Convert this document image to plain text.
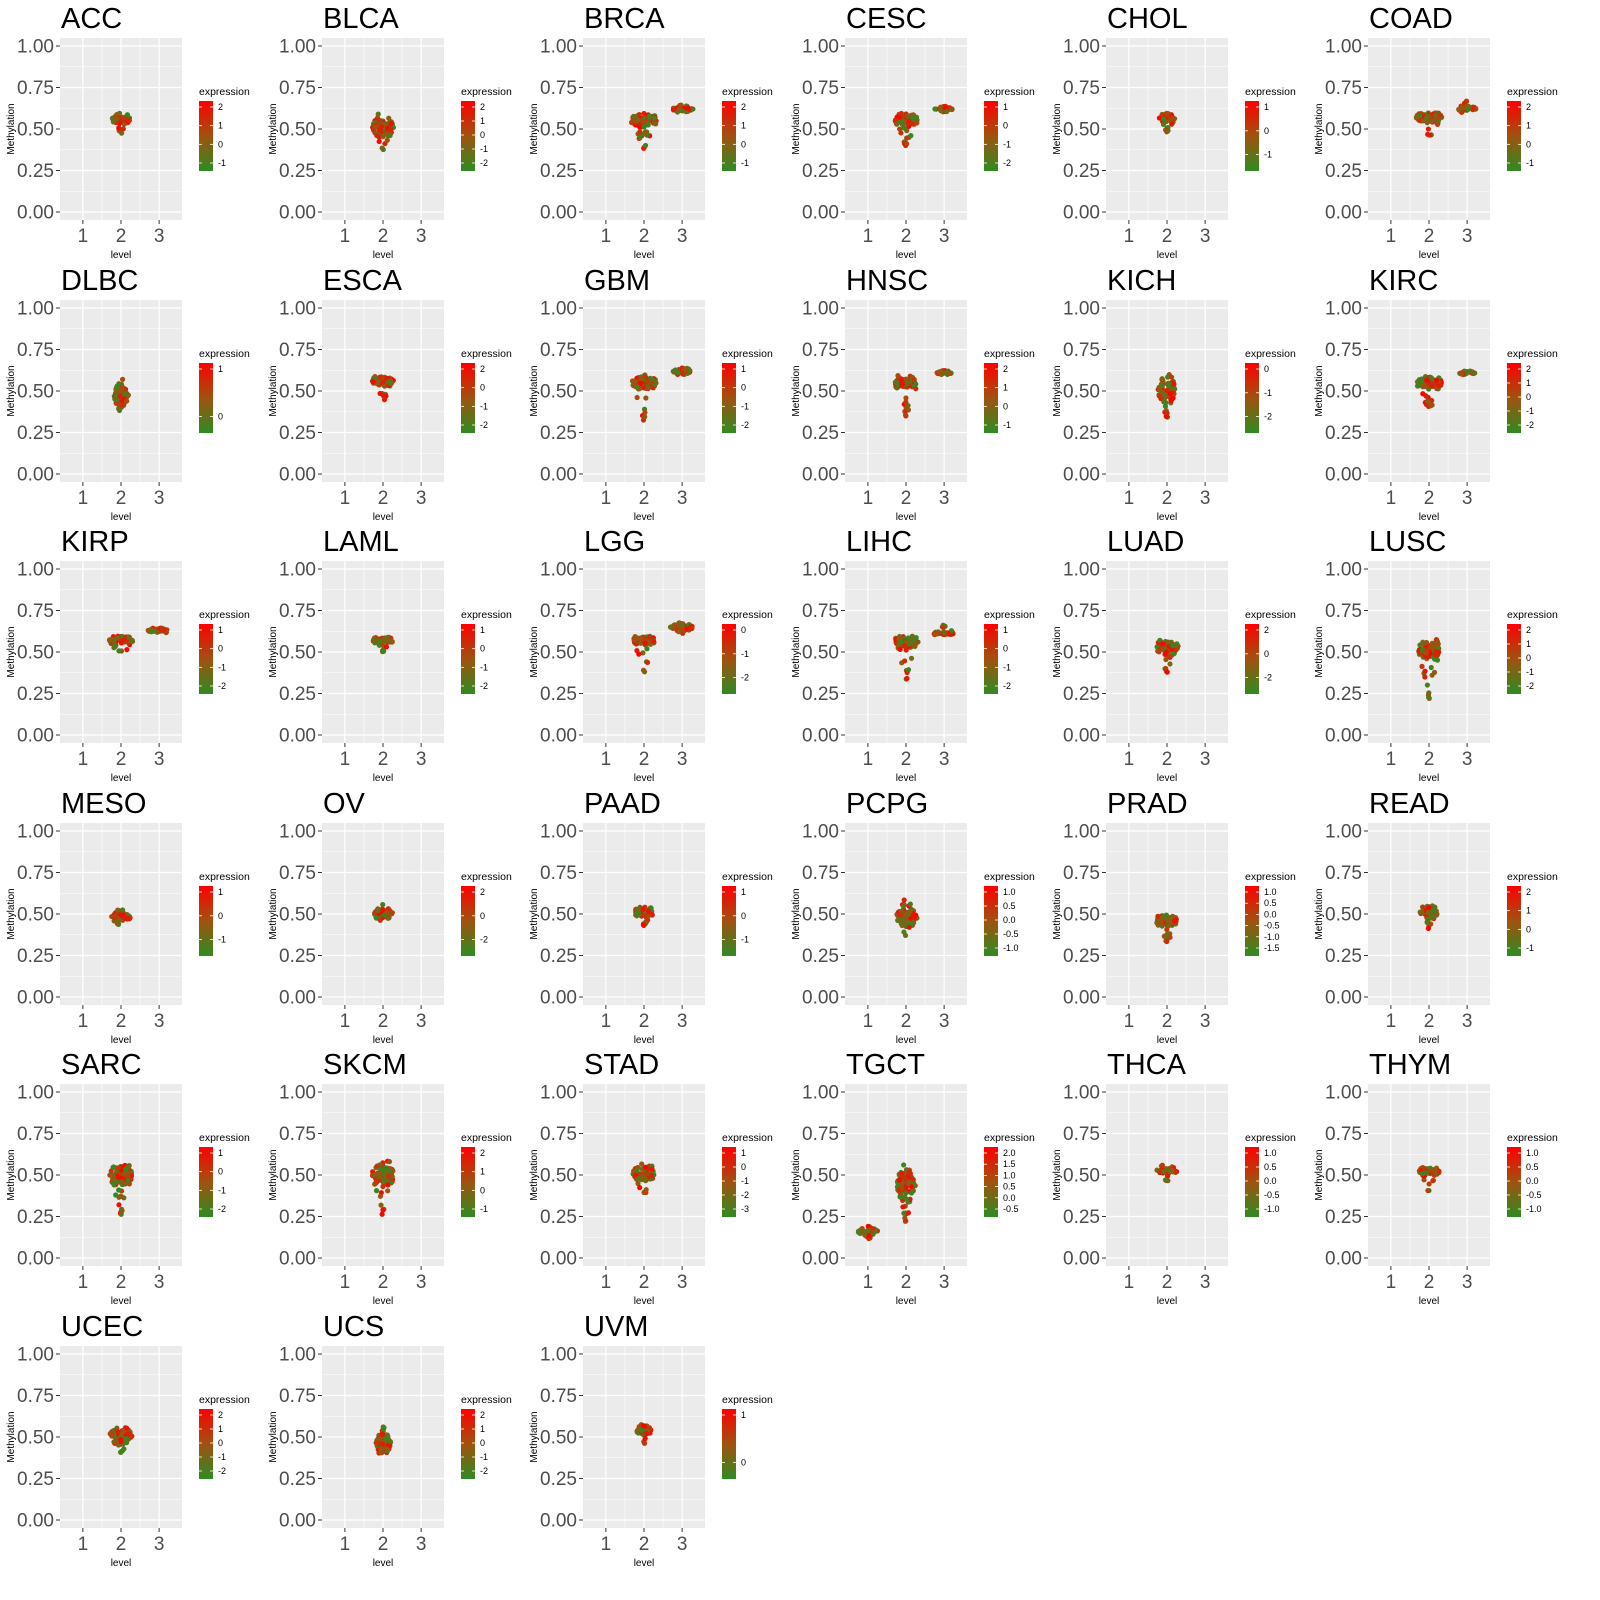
ACC
0.00
0.25
0.50
0.75
1.00
1 2 3
level
Methylation
expression
2
1
0
-1
BLCA
0.00
0.25
0.50
0.75
1.00
1 2 3
level
Methylation
expression
2
1
0
-1
-2
BRCA
0.00
0.25
0.50
0.75
1.00
1 2 3
level
Methylation
expression
2
1
0
-1
CESC
0.00
0.25
0.50
0.75
1.00
1 2 3
level
Methylation
expression
1
0
-1
-2
CHOL
0.00
0.25
0.50
0.75
1.00
1 2 3
level
Methylation
expression
1
0
-1
COAD
0.00
0.25
0.50
0.75
1.00
1 2 3
level
Methylation
expression
2
1
0
-1
DLBC
0.00
0.25
0.50
0.75
1.00
1 2 3
level
Methylation
expression
1
0
ESCA
0.00
0.25
0.50
0.75
1.00
1 2 3
level
Methylation
expression
2
0
-1
-2
GBM
0.00
0.25
0.50
0.75
1.00
1 2 3
level
Methylation
expression
1
0
-1
-2
HNSC
0.00
0.25
0.50
0.75
1.00
1 2 3
level
Methylation
expression
2
1
0
-1
KICH
0.00
0.25
0.50
0.75
1.00
1 2 3
level
Methylation
expression
0
-1
-2
KIRC
0.00
0.25
0.50
0.75
1.00
1 2 3
level
Methylation
expression
2
1
0
-1
-2
KIRP
0.00
0.25
0.50
0.75
1.00
1 2 3
level
Methylation
expression
1
0
-1
-2
LAML
0.00
0.25
0.50
0.75
1.00
1 2 3
level
Methylation
expression
1
0
-1
-2
LGG
0.00
0.25
0.50
0.75
1.00
1 2 3
level
Methylation
expression
0
-1
-2
LIHC
0.00
0.25
0.50
0.75
1.00
1 2 3
level
Methylation
expression
1
0
-1
-2
LUAD
0.00
0.25
0.50
0.75
1.00
1 2 3
level
Methylation
expression
2
0
-2
LUSC
0.00
0.25
0.50
0.75
1.00
1 2 3
level
Methylation
expression
2
1
0
-1
-2
MESO
0.00
0.25
0.50
0.75
1.00
1 2 3
level
Methylation
expression
1
0
-1
OV
0.00
0.25
0.50
0.75
1.00
1 2 3
level
Methylation
expression
2
0
-2
PAAD
0.00
0.25
0.50
0.75
1.00
1 2 3
level
Methylation
expression
1
0
-1
PCPG
0.00
0.25
0.50
0.75
1.00
1 2 3
level
Methylation
expression
1.0
0.5
0.0
-0.5
-1.0
PRAD
0.00
0.25
0.50
0.75
1.00
1 2 3
level
Methylation
expression
1.0
0.5
0.0
-0.5
-1.0
-1.5
READ
0.00
0.25
0.50
0.75
1.00
1 2 3
level
Methylation
expression
2
1
0
-1
SARC
0.00
0.25
0.50
0.75
1.00
1 2 3
level
Methylation
expression
1
0
-1
-2
SKCM
0.00
0.25
0.50
0.75
1.00
1 2 3
level
Methylation
expression
2
1
0
-1
STAD
0.00
0.25
0.50
0.75
1.00
1 2 3
level
Methylation
expression
1
0
-1
-2
-3
TGCT
0.00
0.25
0.50
0.75
1.00
1 2 3
level
Methylation
expression
2.0
1.5
1.0
0.5
0.0
-0.5
THCA
0.00
0.25
0.50
0.75
1.00
1 2 3
level
Methylation
expression
1.0
0.5
0.0
-0.5
-1.0
THYM
0.00
0.25
0.50
0.75
1.00
1 2 3
level
Methylation
expression
1.0
0.5
0.0
-0.5
-1.0
UCEC
0.00
0.25
0.50
0.75
1.00
1 2 3
level
Methylation
expression
2
1
0
-1
-2
UCS
0.00
0.25
0.50
0.75
1.00
1 2 3
level
Methylation
expression
2
1
0
-1
-2
UVM
0.00
0.25
0.50
0.75
1.00
1 2 3
level
Methylation
expression
1
0
